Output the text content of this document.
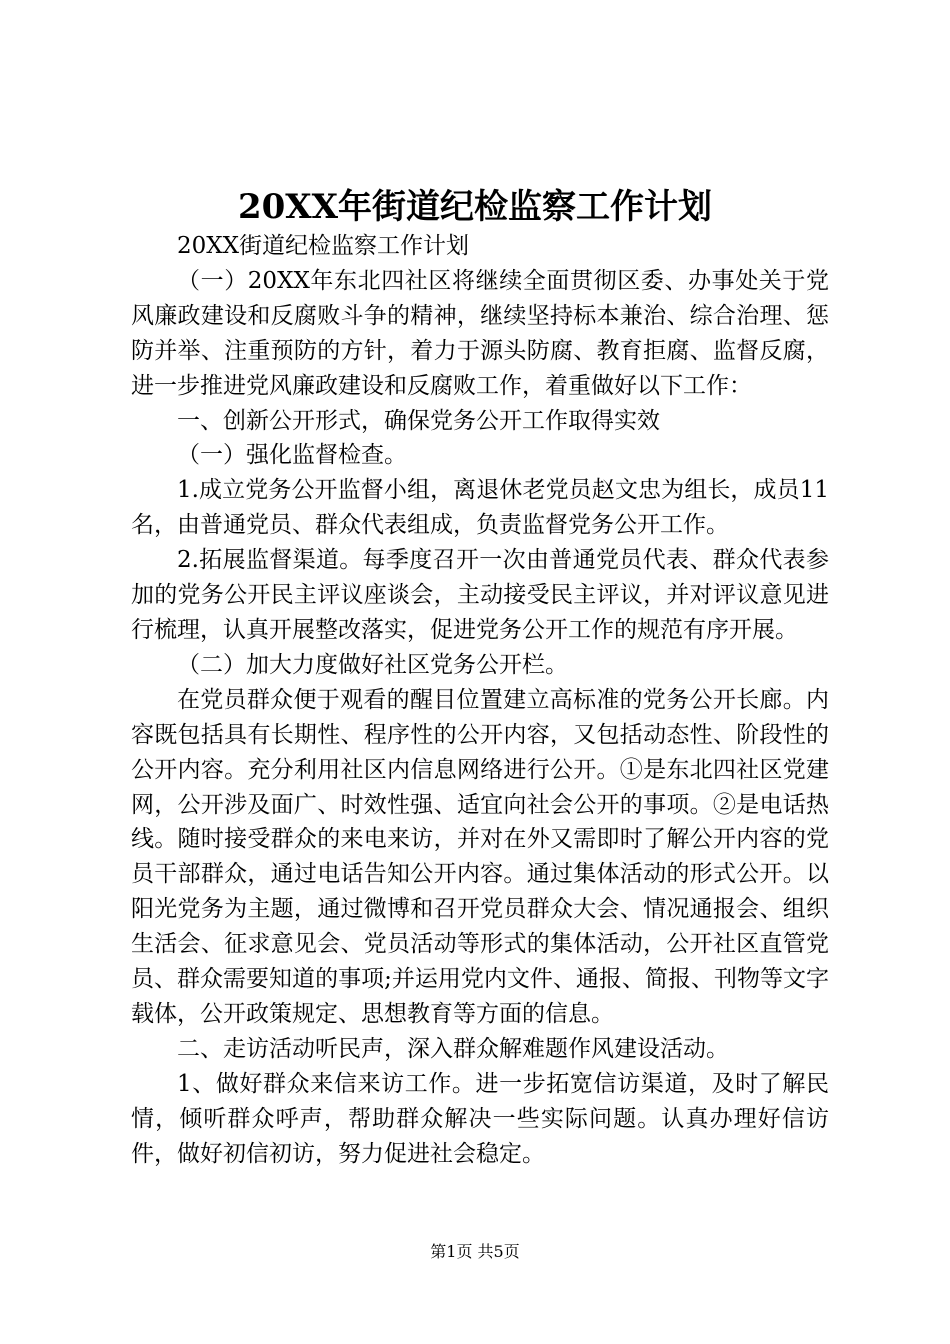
20XX年街道纪检监察工作计划

20XX街道纪检监察工作计划

（一）20XX年东北四社区将继续全面贯彻区委、办事处关于党风廉政建设和反腐败斗争的精神，继续坚持标本兼治、综合治理、惩防并举、注重预防的方针，着力于源头防腐、教育拒腐、监督反腐，进一步推进党风廉政建设和反腐败工作，着重做好以下工作：

一、创新公开形式，确保党务公开工作取得实效

（一）强化监督检查。

1.成立党务公开监督小组，离退休老党员赵文忠为组长，成员11名，由普通党员、群众代表组成，负责监督党务公开工作。

2.拓展监督渠道。每季度召开一次由普通党员代表、群众代表参加的党务公开民主评议座谈会，主动接受民主评议，并对评议意见进行梳理，认真开展整改落实，促进党务公开工作的规范有序开展。

（二）加大力度做好社区党务公开栏。

在党员群众便于观看的醒目位置建立高标准的党务公开长廊。内容既包括具有长期性、程序性的公开内容，又包括动态性、阶段性的公开内容。充分利用社区内信息网络进行公开。①是东北四社区党建网，公开涉及面广、时效性强、适宜向社会公开的事项。②是电话热线。随时接受群众的来电来访，并对在外又需即时了解公开内容的党员干部群众，通过电话告知公开内容。通过集体活动的形式公开。以阳光党务为主题，通过微博和召开党员群众大会、情况通报会、组织生活会、征求意见会、党员活动等形式的集体活动，公开社区直管党员、群众需要知道的事项;并运用党内文件、通报、简报、刊物等文字载体，公开政策规定、思想教育等方面的信息。

二、走访活动听民声，深入群众解难题作风建设活动。

1、做好群众来信来访工作。进一步拓宽信访渠道，及时了解民情，倾听群众呼声，帮助群众解决一些实际问题。认真办理好信访件，做好初信初访，努力促进社会稳定。

第1页 共5页
